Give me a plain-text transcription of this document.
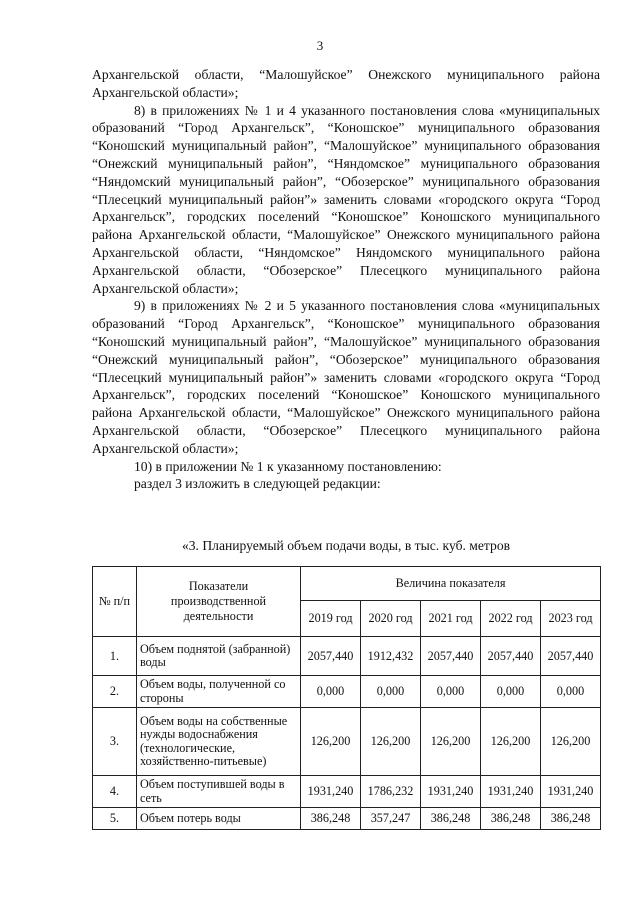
3

Архангельской области, “Малошуйское” Онежского муниципального района Архангельской области»;

8) в приложениях № 1 и 4 указанного постановления слова «муниципальных образований “Город Архангельск”, “Коношское” муниципального образования “Коношский муниципальный район”, “Малошуйское” муниципального образования “Онежский муниципальный район”, “Няндомское” муниципального образования “Няндомский муниципальный район”, “Обозерское” муниципального образования “Плесецкий муниципальный район”» заменить словами «городского округа “Город Архангельск”, городских поселений “Коношское” Коношского муниципального района Архангельской области, “Малошуйское” Онежского муниципального района Архангельской области, “Няндомское” Няндомского муниципального района Архангельской области, “Обозерское” Плесецкого муниципального района Архангельской области»;

9) в приложениях № 2 и 5 указанного постановления слова «муниципальных образований “Город Архангельск”, “Коношское” муниципального образования “Коношский муниципальный район”, “Малошуйское” муниципального образования “Онежский муниципальный район”, “Обозерское” муниципального образования “Плесецкий муниципальный район”» заменить словами «городского округа “Город Архангельск”, городских поселений “Коношское” Коношского муниципального района Архангельской области, “Малошуйское” Онежского муниципального района Архангельской области, “Обозерское” Плесецкого муниципального района Архангельской области»;

10) в приложении № 1 к указанному постановлению:

раздел 3 изложить в следующей редакции:

«3. Планируемый объем подачи воды, в тыс. куб. метров
№ п/п	Показатели производственной деятельности	Величина показателя				
		2019 год	2020 год	2021 год	2022 год	2023 год
1.	Объем поднятой (забранной) воды	2057,440	1912,432	2057,440	2057,440	2057,440
2.	Объем воды, полученной со стороны	0,000	0,000	0,000	0,000	0,000
3.	Объем воды на собственные нужды водоснабжения (технологические, хозяйственно-питьевые)	126,200	126,200	126,200	126,200	126,200
4.	Объем поступившей воды в сеть	1931,240	1786,232	1931,240	1931,240	1931,240
5.	Объем потерь воды	386,248	357,247	386,248	386,248	386,248
